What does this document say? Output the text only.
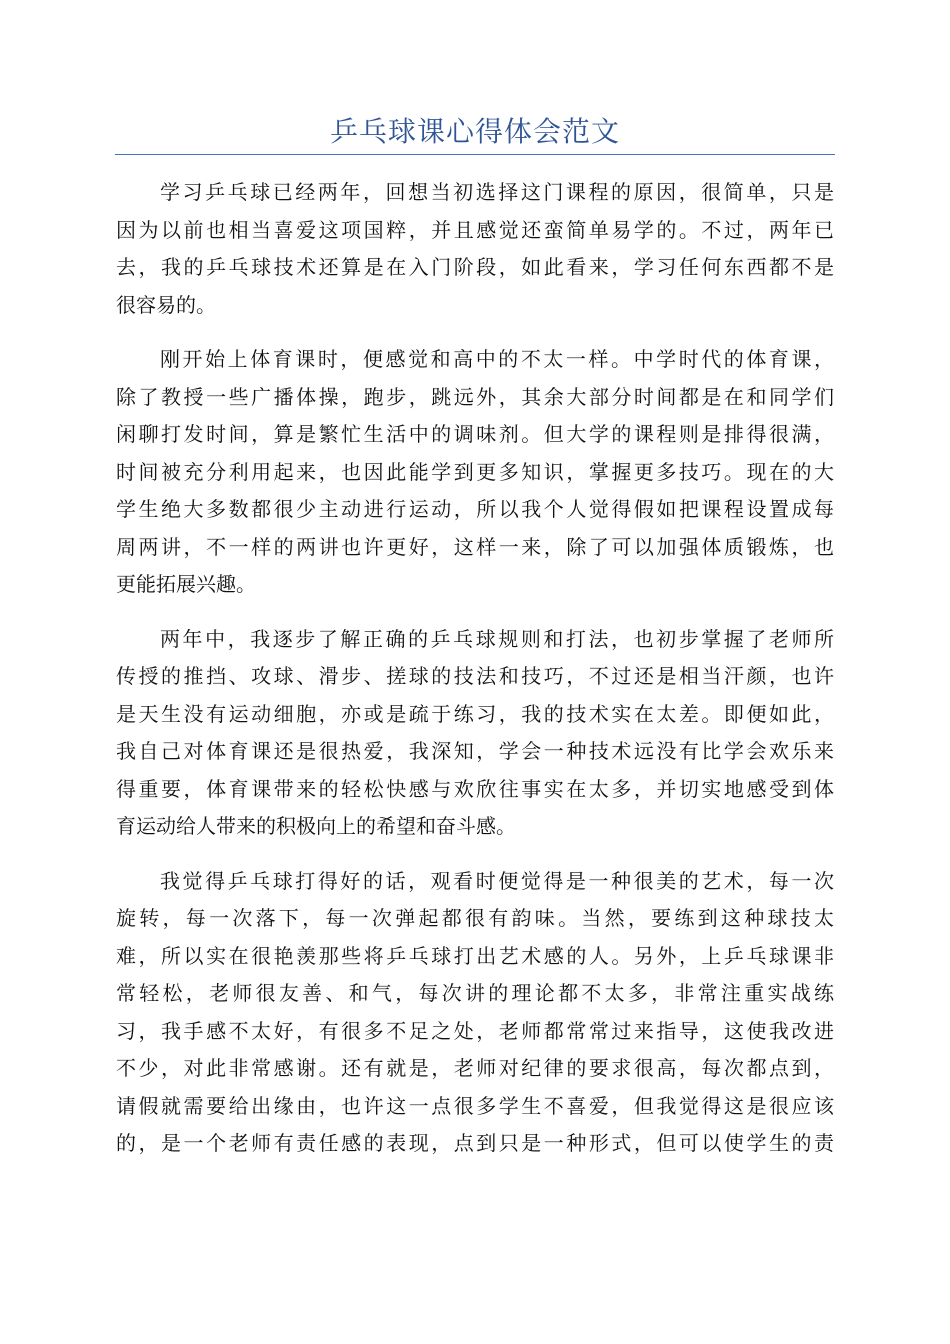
乒乓球课心得体会范文
学习乒乓球已经两年，回想当初选择这门课程的原因，很简单，只是
因为以前也相当喜爱这项国粹，并且感觉还蛮简单易学的。不过，两年已
去，我的乒乓球技术还算是在入门阶段，如此看来，学习任何东西都不是
很容易的。
刚开始上体育课时，便感觉和高中的不太一样。中学时代的体育课，
除了教授一些广播体操，跑步，跳远外，其余大部分时间都是在和同学们
闲聊打发时间，算是繁忙生活中的调味剂。但大学的课程则是排得很满，
时间被充分利用起来，也因此能学到更多知识，掌握更多技巧。现在的大
学生绝大多数都很少主动进行运动，所以我个人觉得假如把课程设置成每
周两讲，不一样的两讲也许更好，这样一来，除了可以加强体质锻炼，也
更能拓展兴趣。
两年中，我逐步了解正确的乒乓球规则和打法，也初步掌握了老师所
传授的推挡、攻球、滑步、搓球的技法和技巧，不过还是相当汗颜，也许
是天生没有运动细胞，亦或是疏于练习，我的技术实在太差。即便如此，
我自己对体育课还是很热爱，我深知，学会一种技术远没有比学会欢乐来
得重要，体育课带来的轻松快感与欢欣往事实在太多，并切实地感受到体
育运动给人带来的积极向上的希望和奋斗感。
我觉得乒乓球打得好的话，观看时便觉得是一种很美的艺术，每一次
旋转，每一次落下，每一次弹起都很有韵味。当然，要练到这种球技太
难，所以实在很艳羡那些将乒乓球打出艺术感的人。另外，上乒乓球课非
常轻松，老师很友善、和气，每次讲的理论都不太多，非常注重实战练
习，我手感不太好，有很多不足之处，老师都常常过来指导，这使我改进
不少，对此非常感谢。还有就是，老师对纪律的要求很高，每次都点到，
请假就需要给出缘由，也许这一点很多学生不喜爱，但我觉得这是很应该
的，是一个老师有责任感的表现，点到只是一种形式，但可以使学生的责
